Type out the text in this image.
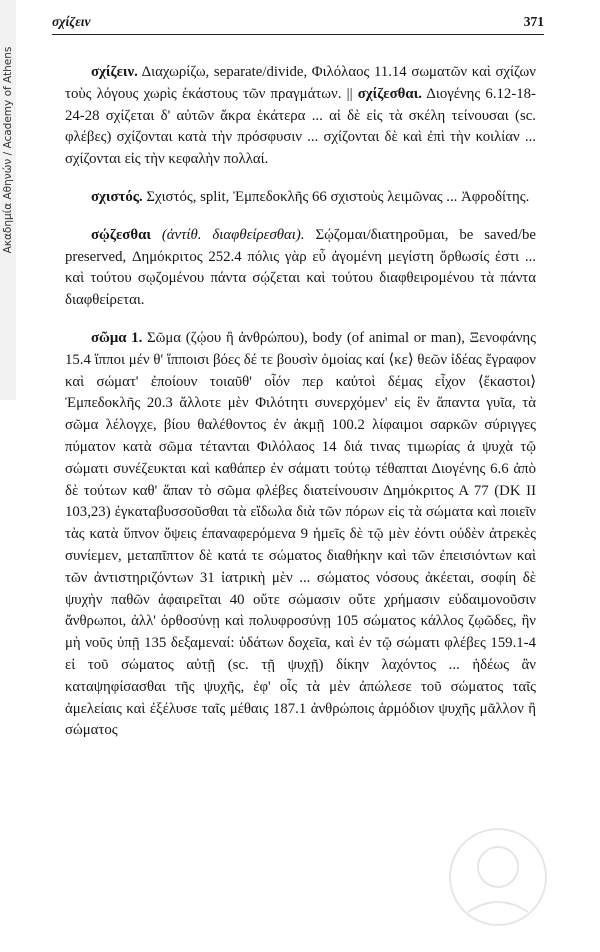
Ακαδημία Αθηνών / Academy of Athens
σχίζειν	371

σχίζειν. Διαχωρίζω, separate/divide, Φιλόλαος 11.14 σωματῶν καὶ σχίζων τοὺς λόγους χωρὶς ἑκάστους τῶν πραγμάτων. || σχίζεσθαι. Διογένης 6.12-18-24-28 σχίζεται δ' αὐτῶν ἄκρα ἑκάτερα ... αἱ δὲ εἰς τὰ σκέλη τείνουσαι (sc. φλέβες) σχίζονται κατὰ τὴν πρόσφυσιν ... σχίζονται δὲ καὶ ἐπὶ τὴν κοιλίαν ... σχίζονται εἰς τὴν κεφαλὴν πολλαί.

σχιστός. Σχιστός, split, Ἐμπεδοκλῆς 66 σχιστοὺς λειμῶνας ... Ἀφροδίτης.

σῴζεσθαι (ἀντίθ. διαφθείρεσθαι). Σῴζομαι/διατηροῦμαι, be saved/be preserved, Δημόκριτος 252.4 πόλις γὰρ εὖ ἀγομένη μεγίστη ὄρθωσίς ἐστι ... καὶ τούτου σῳζομένου πάντα σῴζεται καὶ τούτου διαφθειρομένου τὰ πάντα διαφθείρεται.

σῶμα 1. Σῶμα (ζῴου ἢ ἀνθρώπου), body (of animal or man), Ξενοφάνης 15.4 ἵπποι μέν θ' ἵπποισι βόες δέ τε βουσὶν ὁμοίας καί ⟨κε⟩ θεῶν ἰδέας ἔγραφον καὶ σώματ' ἐποίουν τοιαῦθ' οἷόν περ καὐτοὶ δέμας εἶχον ⟨ἕκαστοι⟩ Ἐμπεδοκλῆς 20.3 ἄλλοτε μὲν Φιλότητι συνερχόμεν' εἰς ἓν ἅπαντα γυῖα, τὰ σῶμα λέλογχε, βίου θαλέθοντος ἐν ἀκμῇ 100.2 λίφαιμοι σαρκῶν σύριγγες πύματον κατὰ σῶμα τέτανται Φιλόλαος 14 διά τινας τιμωρίας ἁ ψυχὰ τῷ σώματι συνέζευκται καὶ καθάπερ ἐν σάματι τούτῳ τέθαπται Διογένης 6.6 ἀπὸ δὲ τούτων καθ' ἅπαν τὸ σῶμα φλέβες διατείνουσιν Δημόκριτος Α 77 (DK II 103,23) ἐγκαταβυσσοῦσθαι τὰ εἴδωλα διὰ τῶν πόρων εἰς τὰ σώματα καὶ ποιεῖν τὰς κατὰ ὕπνον ὄψεις ἐπαναφερόμενα 9 ἡμεῖς δὲ τῷ μὲν ἐόντι οὐδὲν ἀτρεκὲς συνίεμεν, μεταπῖπτον δὲ κατά τε σώματος διαθήκην καὶ τῶν ἐπεισιόντων καὶ τῶν ἀντιστηριζόντων 31 ἰατρικὴ μὲν ... σώματος νόσους ἀκέεται, σοφίη δὲ ψυχὴν παθῶν ἀφαιρεῖται 40 οὔτε σώμασιν οὔτε χρήμασιν εὐδαιμονοῦσιν ἄνθρωποι, ἀλλ' ὀρθοσύνῃ καὶ πολυφροσύνῃ 105 σώματος κάλλος ζῳῶδες, ἢν μὴ νοῦς ὑπῇ 135 δεξαμεναί: ὑδάτων δοχεῖα, καὶ ἐν τῷ σώματι φλέβες 159.1-4 εἰ τοῦ σώματος αὐτῇ (sc. τῇ ψυχῇ) δίκην λαχόντος ... ἡδέως ἂν καταψηφίσασθαι τῆς ψυχῆς, ἐφ' οἷς τὰ μὲν ἀπώλεσε τοῦ σώματος ταῖς ἀμελείαις καὶ ἐξέλυσε ταῖς μέθαις 187.1 ἀνθρώποις ἁρμόδιον ψυχῆς μᾶλλον ἢ σώματος
